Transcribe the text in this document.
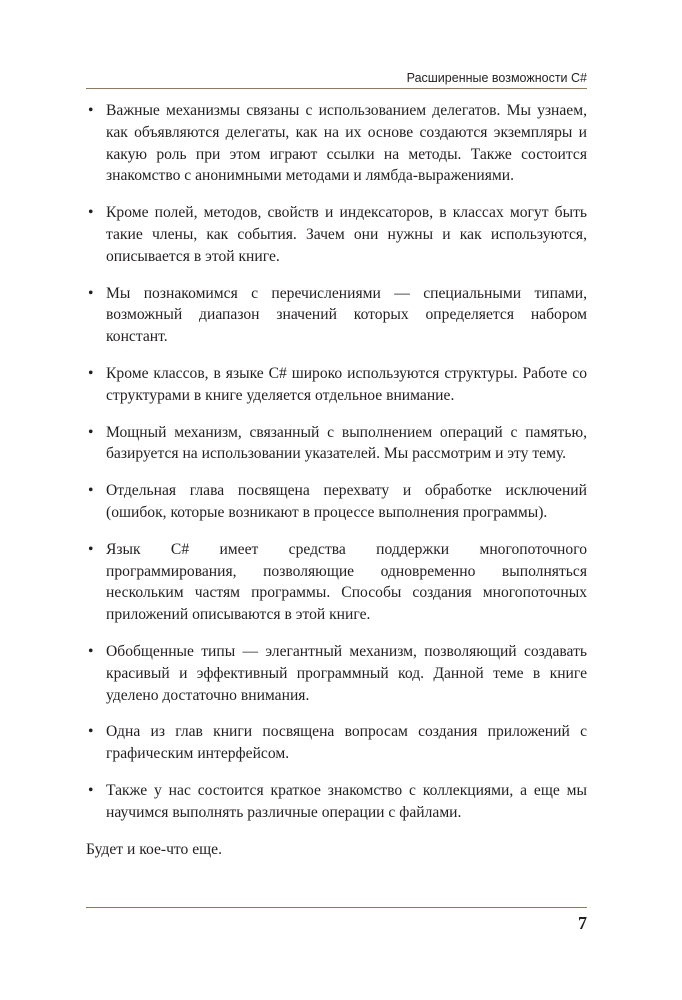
Расширенные возможности C#
• Важные механизмы связаны с использованием делегатов. Мы узнаем, как объявляются делегаты, как на их основе создаются экземпляры и какую роль при этом играют ссылки на методы. Также состоится знакомство с анонимными методами и лямбда-выражениями.
• Кроме полей, методов, свойств и индексаторов, в классах могут быть такие члены, как события. Зачем они нужны и как используются, описывается в этой книге.
• Мы познакомимся с перечислениями — специальными типами, возможный диапазон значений которых определяется набором констант.
• Кроме классов, в языке C# широко используются структуры. Работе со структурами в книге уделяется отдельное внимание.
• Мощный механизм, связанный с выполнением операций с памятью, базируется на использовании указателей. Мы рассмотрим и эту тему.
• Отдельная глава посвящена перехвату и обработке исключений (ошибок, которые возникают в процессе выполнения программы).
• Язык C# имеет средства поддержки многопоточного программирования, позволяющие одновременно выполняться нескольким частям программы. Способы создания многопоточных приложений описываются в этой книге.
• Обобщенные типы — элегантный механизм, позволяющий создавать красивый и эффективный программный код. Данной теме в книге уделено достаточно внимания.
• Одна из глав книги посвящена вопросам создания приложений с графическим интерфейсом.
• Также у нас состоится краткое знакомство с коллекциями, а еще мы научимся выполнять различные операции с файлами.

Будет и кое-что еще.

7
